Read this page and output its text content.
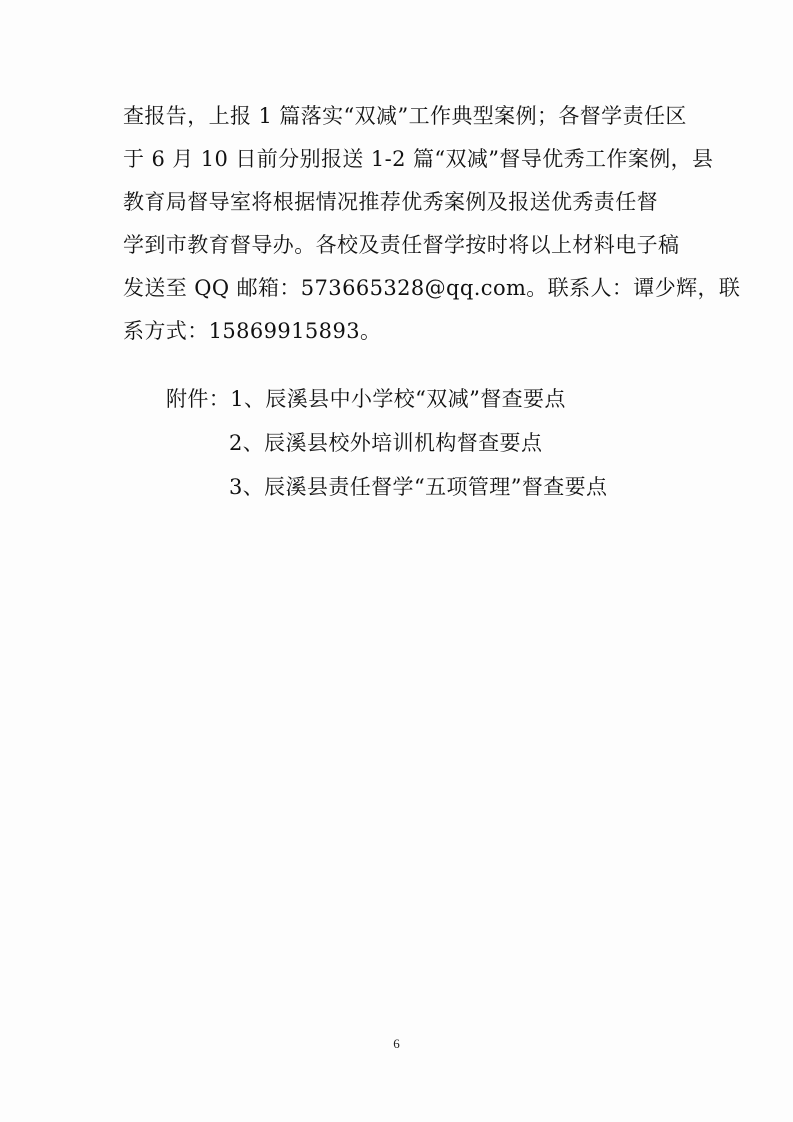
查报告，上报 1 篇落实“双减”工作典型案例；各督学责任区
于 6 月 10 日前分别报送 1-2 篇“双减”督导优秀工作案例，县
教育局督导室将根据情况推荐优秀案例及报送优秀责任督
学到市教育督导办。各校及责任督学按时将以上材料电子稿
发送至 QQ 邮箱：573665328@qq.com。联系人：谭少辉，联
系方式：15869915893。
附件：1、辰溪县中小学校“双减”督查要点
2、辰溪县校外培训机构督查要点
3、辰溪县责任督学“五项管理”督查要点
6
